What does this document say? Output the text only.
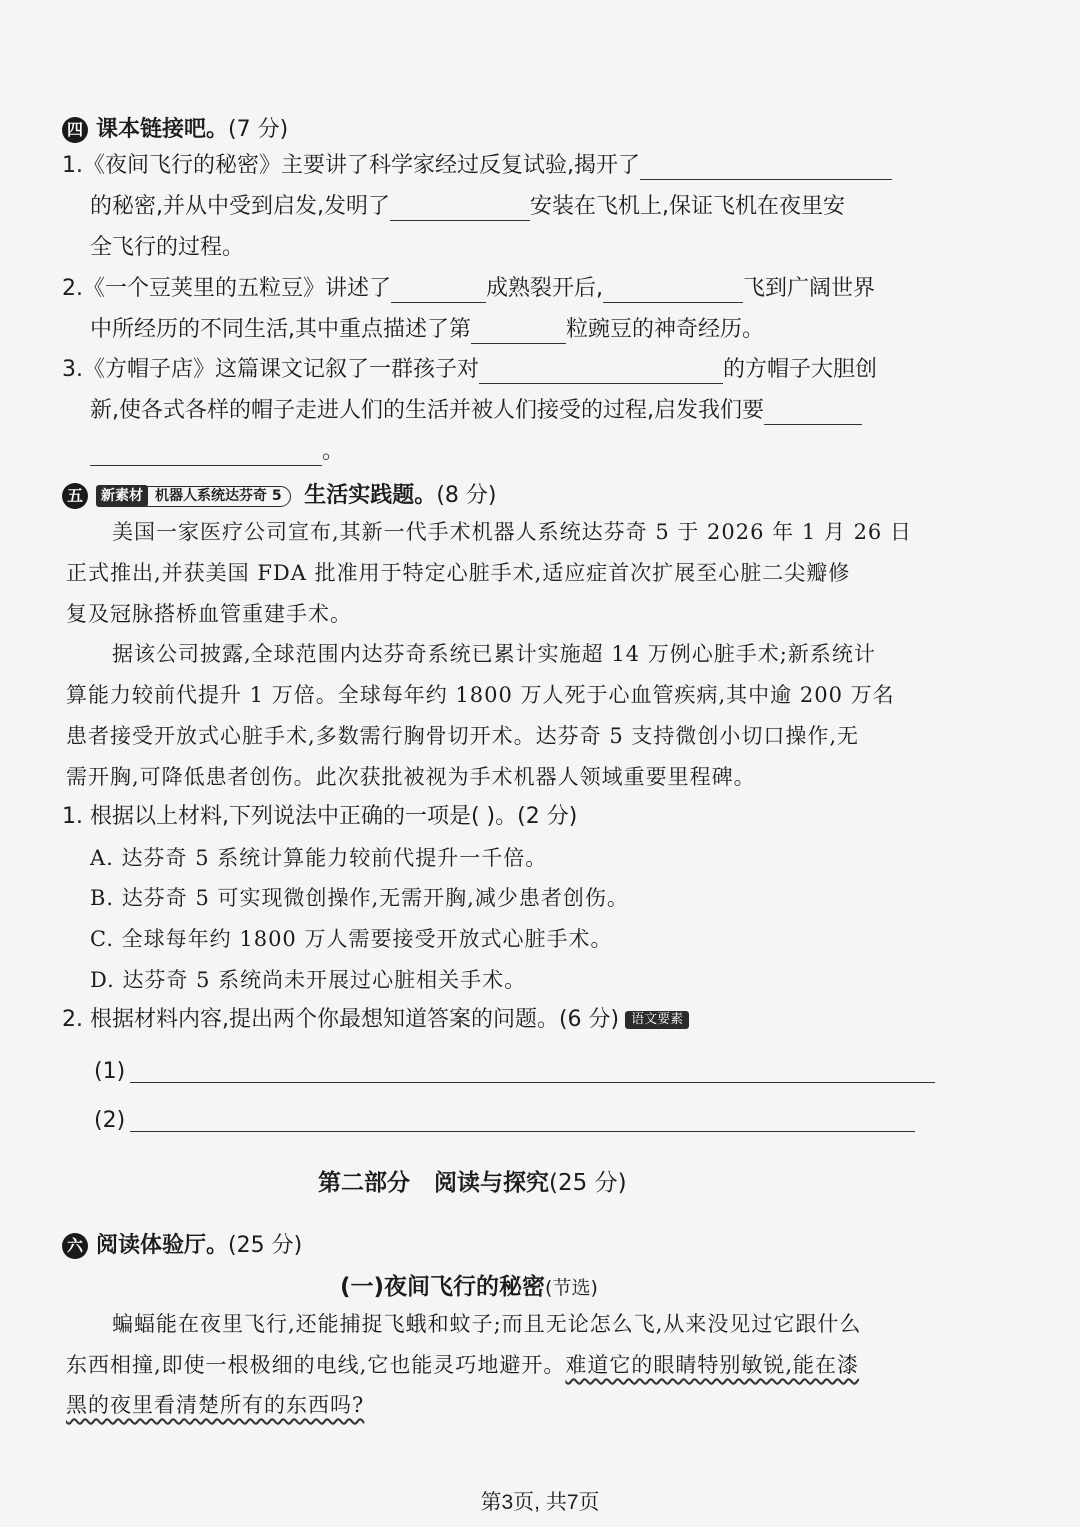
四 课本链接吧。(7 分)
1.《夜间飞行的秘密》主要讲了科学家经过反复试验,揭开了
的秘密,并从中受到启发,发明了	安装在飞机上,保证飞机在夜里安
全飞行的过程。
2.《一个豆荚里的五粒豆》讲述了	成熟裂开后,	飞到广阔世界
中所经历的不同生活,其中重点描述了第	粒豌豆的神奇经历。
3.《方帽子店》这篇课文记叙了一群孩子对	的方帽子大胆创
新,使各式各样的帽子走进人们的生活并被人们接受的过程,启发我们要
。
五 新素材 机器人系统达芬奇 5 生活实践题。(8 分)
美国一家医疗公司宣布,其新一代手术机器人系统达芬奇 5 于 2026 年 1 月 26 日
正式推出,并获美国 FDA 批准用于特定心脏手术,适应症首次扩展至心脏二尖瓣修
复及冠脉搭桥血管重建手术。
据该公司披露,全球范围内达芬奇系统已累计实施超 14 万例心脏手术;新系统计
算能力较前代提升 1 万倍。全球每年约 1800 万人死于心血管疾病,其中逾 200 万名
患者接受开放式心脏手术,多数需行胸骨切开术。达芬奇 5 支持微创小切口操作,无
需开胸,可降低患者创伤。此次获批被视为手术机器人领域重要里程碑。
1. 根据以上材料,下列说法中正确的一项是( )。(2 分)
A. 达芬奇 5 系统计算能力较前代提升一千倍。
B. 达芬奇 5 可实现微创操作,无需开胸,减少患者创伤。
C. 全球每年约 1800 万人需要接受开放式心脏手术。
D. 达芬奇 5 系统尚未开展过心脏相关手术。
2. 根据材料内容,提出两个你最想知道答案的问题。(6 分) 语文要素
(1)
(2)
第二部分   阅读与探究(25 分)
六 阅读体验厅。(25 分)
(一)夜间飞行的秘密(节选)
蝙蝠能在夜里飞行,还能捕捉飞蛾和蚊子;而且无论怎么飞,从来没见过它跟什么
东西相撞,即使一根极细的电线,它也能灵巧地避开。难道它的眼睛特别敏锐,能在漆
黑的夜里看清楚所有的东西吗?
第3页, 共7页
